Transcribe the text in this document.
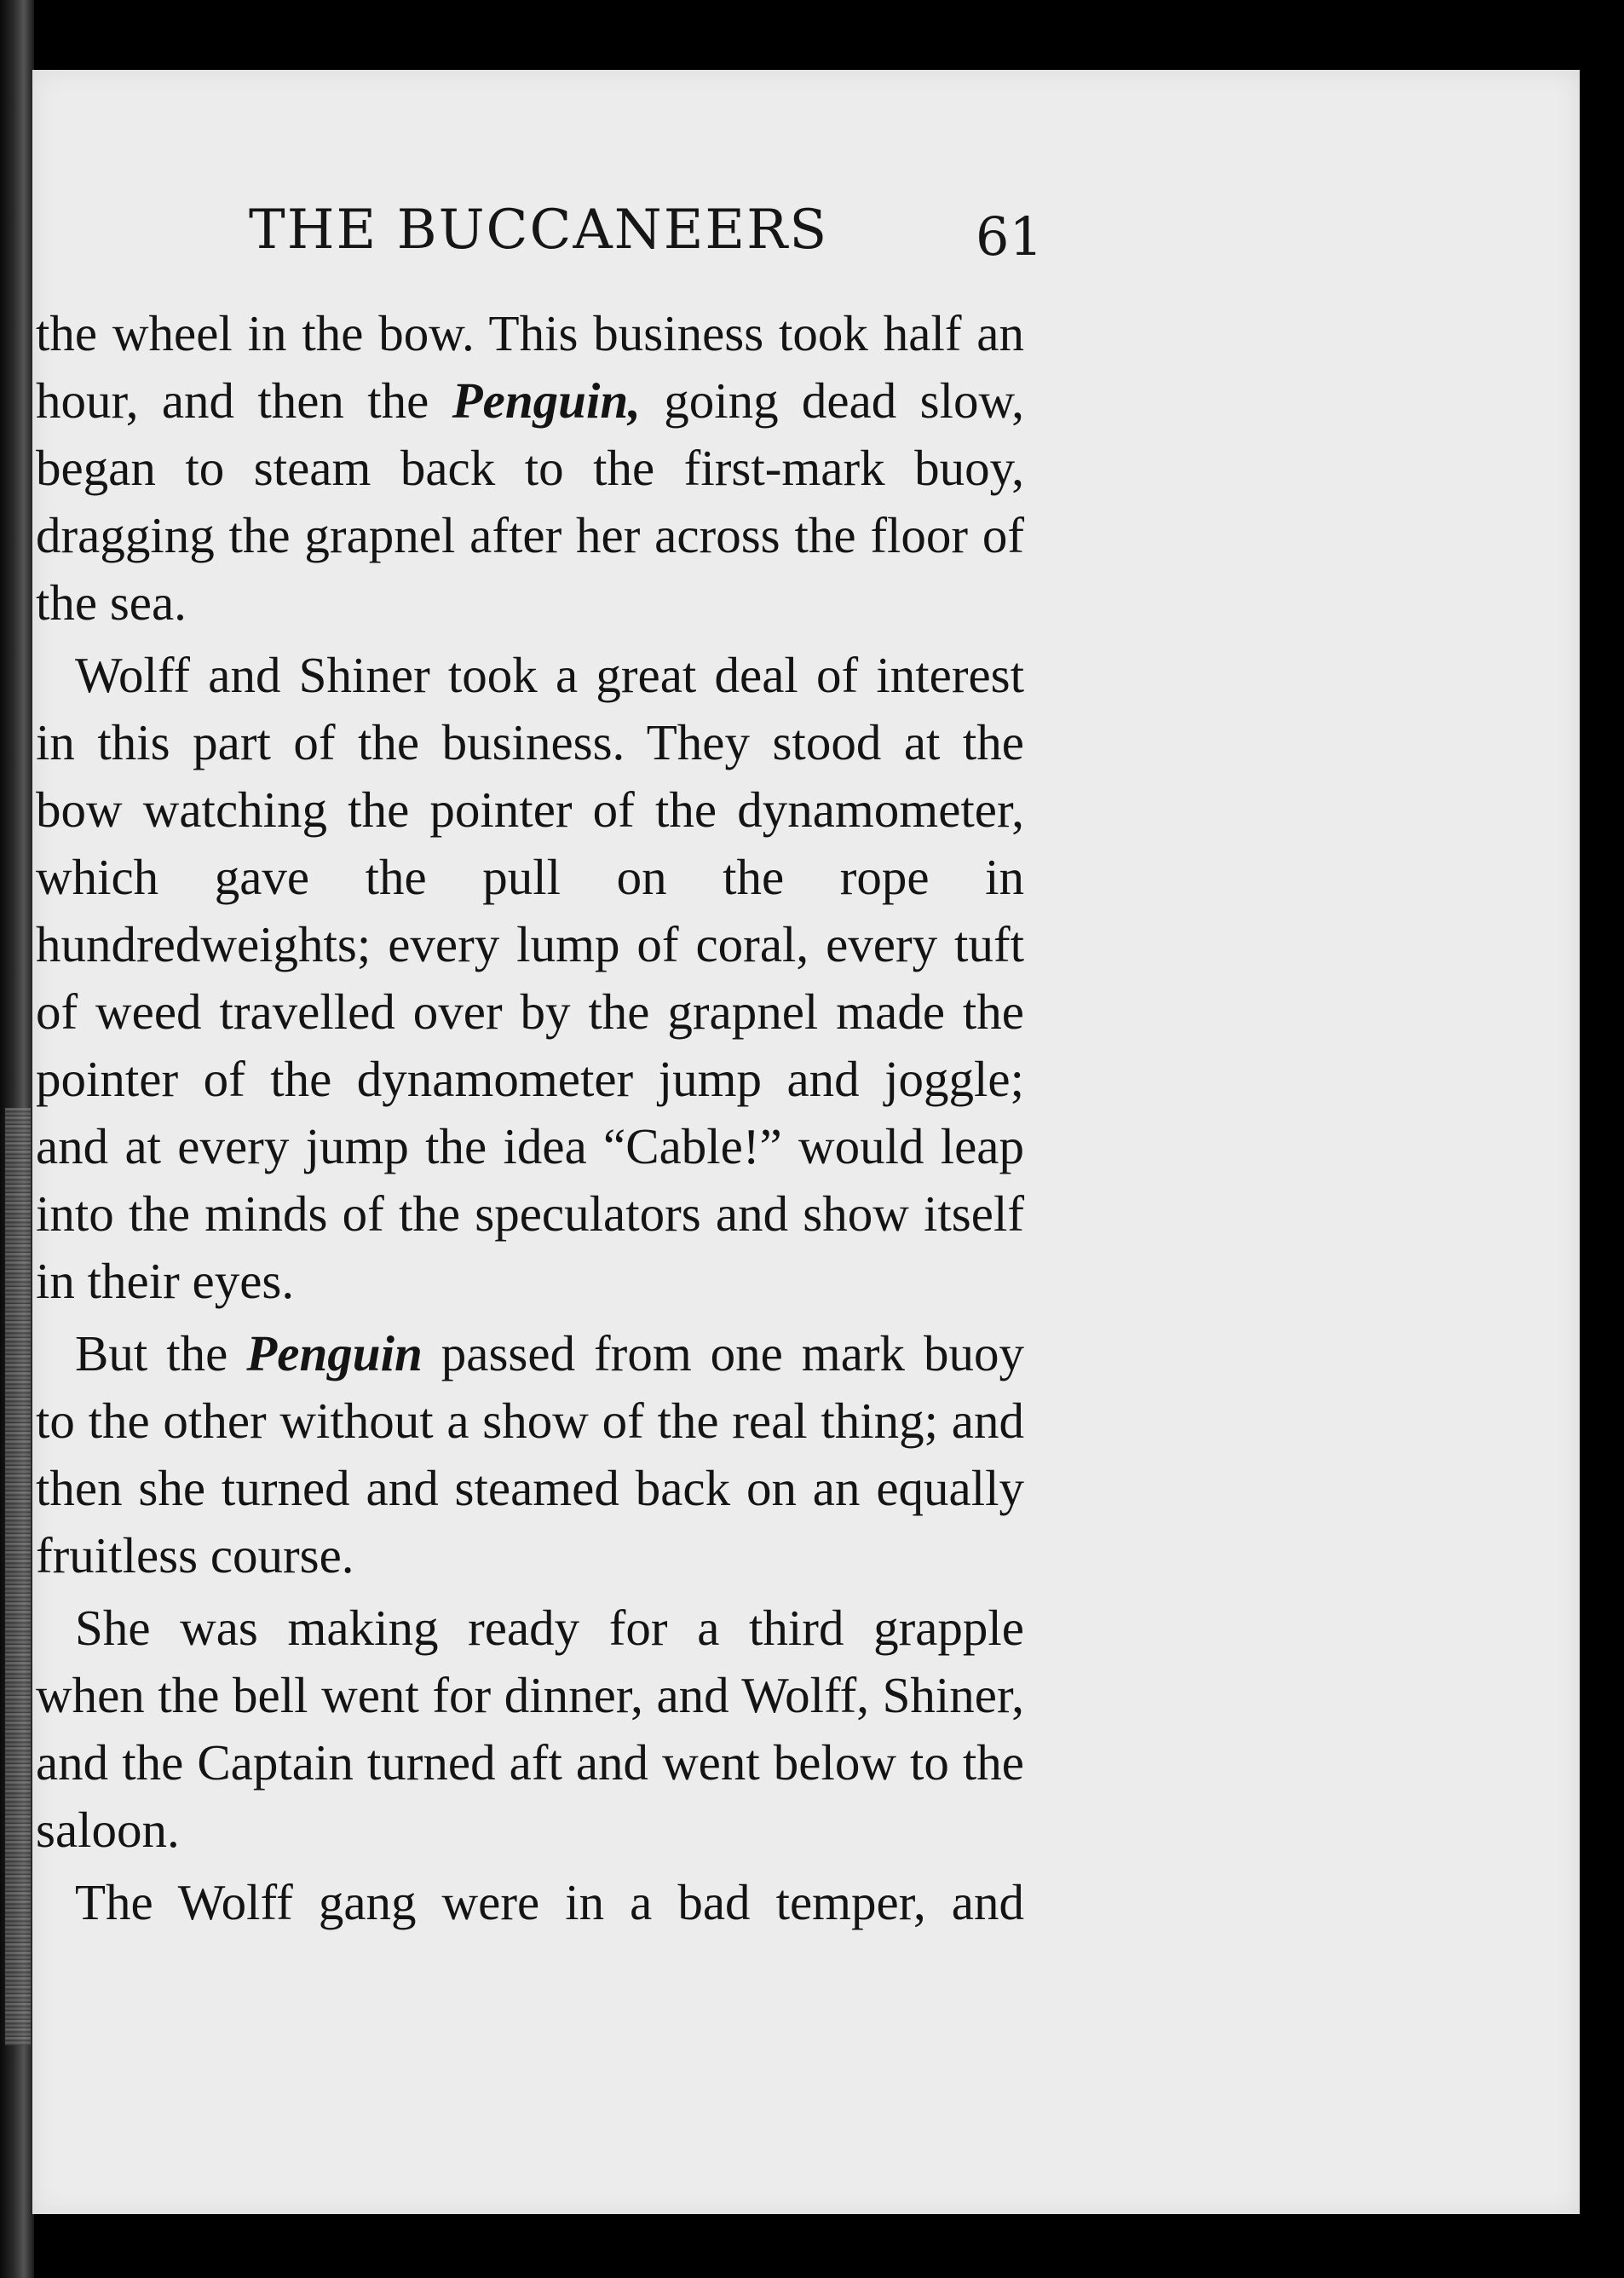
THE BUCCANEERS	61

the wheel in the bow. This business took half an hour, and then the Penguin, going dead slow, began to steam back to the first-mark buoy, dragging the grapnel after her across the floor of the sea.

Wolff and Shiner took a great deal of interest in this part of the business. They stood at the bow watching the pointer of the dynamometer, which gave the pull on the rope in hundredweights; every lump of coral, every tuft of weed travelled over by the grapnel made the pointer of the dynamometer jump and joggle; and at every jump the idea “Cable!” would leap into the minds of the speculators and show itself in their eyes.

But the Penguin passed from one mark buoy to the other without a show of the real thing; and then she turned and steamed back on an equally fruitless course.

She was making ready for a third grapple when the bell went for dinner, and Wolff, Shiner, and the Captain turned aft and went below to the saloon.

The Wolff gang were in a bad temper, and
